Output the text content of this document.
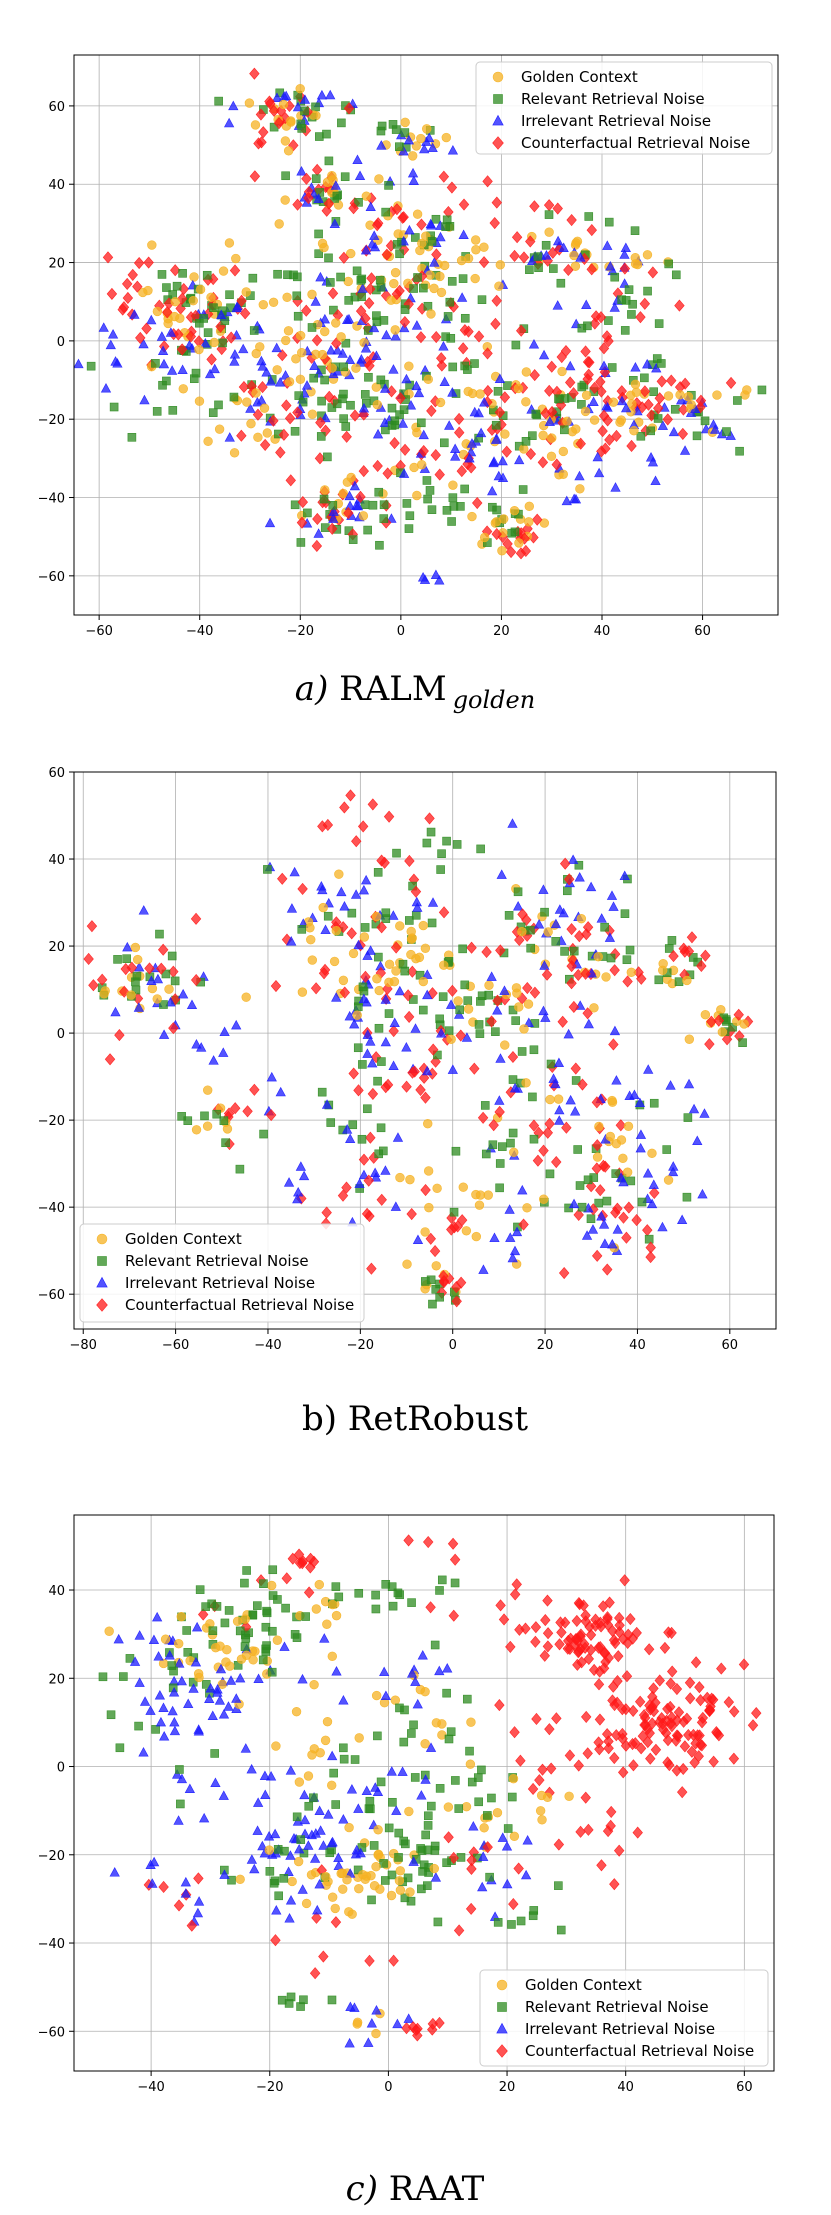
−60	−40	−20	0	20	40	60
−60
−40
−20
0
20
40
60
Golden Context
Relevant Retrieval Noise
Irrelevant Retrieval Noise
Counterfactual Retrieval Noise
a) RALM $_{golden}$
−80	−60	−40	−20	0	20	40	60
−60
−40
−20
0
20
40
60
Golden Context
Relevant Retrieval Noise
Irrelevant Retrieval Noise
Counterfactual Retrieval Noise
b) RetRobust
−40	−20	0	20	40	60
−60
−40
−20
0
20
40
Golden Context
Relevant Retrieval Noise
Irrelevant Retrieval Noise
Counterfactual Retrieval Noise
c) RAAT
